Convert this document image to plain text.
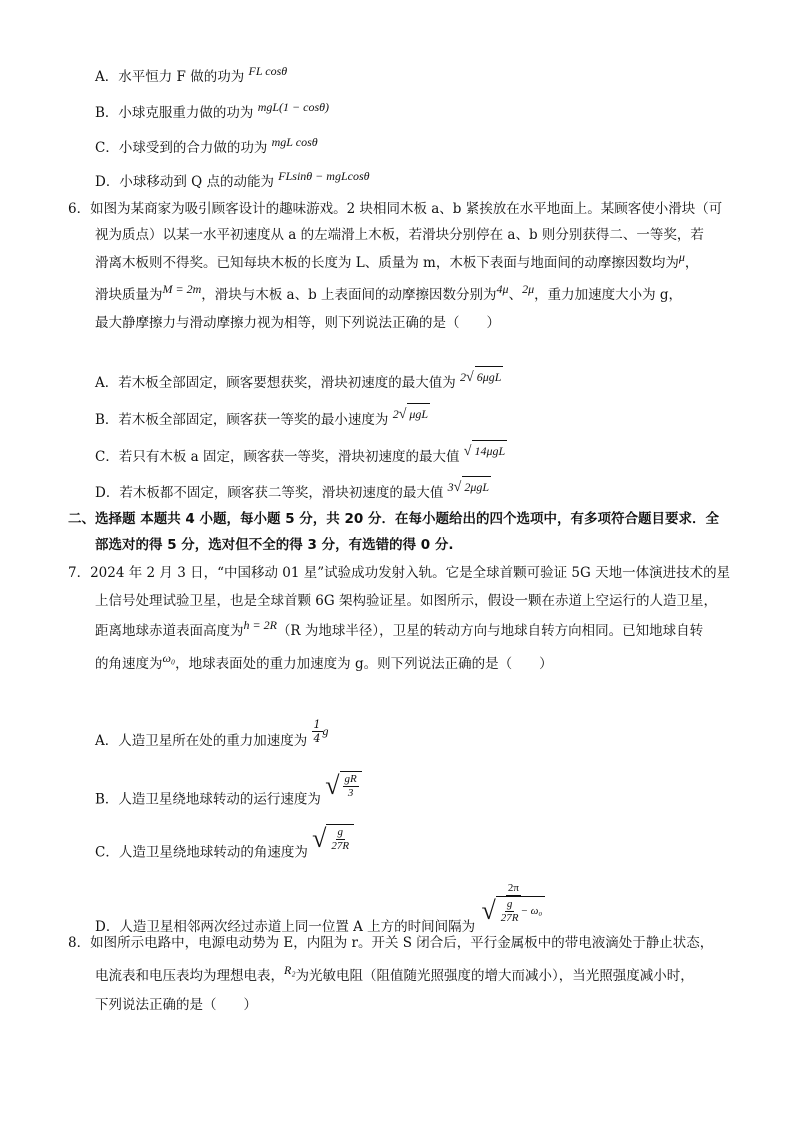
A．水平恒力 F 做的功为 FL cosθ
B．小球克服重力做的功为 mgL(1 − cosθ)
C．小球受到的合力做的功为 mgL cosθ
D．小球移动到 Q 点的动能为 FLsinθ − mgLcosθ
6．如图为某商家为吸引顾客设计的趣味游戏。2 块相同木板 a、b 紧挨放在水平地面上。某顾客使小滑块（可
视为质点）以某一水平初速度从 a 的左端滑上木板，若滑块分别停在 a、b 则分别获得二、一等奖，若
滑离木板则不得奖。已知每块木板的长度为 L、质量为 m，木板下表面与地面间的动摩擦因数均为μ，
滑块质量为M = 2m，滑块与木板 a、b 上表面间的动摩擦因数分别为4μ、2μ，重力加速度大小为 g，
最大静摩擦力与滑动摩擦力视为相等，则下列说法正确的是（　　）
A．若木板全部固定，顾客要想获奖，滑块初速度的最大值为 2√ 6μgL
B．若木板全部固定，顾客获一等奖的最小速度为 2√ μgL
C．若只有木板 a 固定，顾客获一等奖，滑块初速度的最大值 √ 14μgL
D．若木板都不固定，顾客获二等奖，滑块初速度的最大值 3√ 2μgL
二、选择题 本题共 4 小题，每小题 5 分，共 20 分．在每小题给出的四个选项中，有多项符合题目要求．全
部选对的得 5 分，选对但不全的得 3 分，有选错的得 0 分.
7．2024 年 2 月 3 日，“中国移动 01 星”试验成功发射入轨。它是全球首颗可验证 5G 天地一体演进技术的星
上信号处理试验卫星，也是全球首颗 6G 架构验证星。如图所示，假设一颗在赤道上空运行的人造卫星，
距离地球赤道表面高度为h = 2R（R 为地球半径），卫星的转动方向与地球自转方向相同。已知地球自转
的角速度为ω₀，地球表面处的重力加速度为 g。则下列说法正确的是（　　）
A．人造卫星所在处的重力加速度为 $\frac{1}{4}$ g
B．人造卫星绕地球转动的运行速度为 √ $\frac{gR}{3}$
C．人造卫星绕地球转动的角速度为 √ $\frac{g}{27R}$
D．人造卫星相邻两次经过赤道上同一位置 A 上方的时间间隔为
2π
√ $\frac{g}{27R} - \omega_0$
8．如图所示电路中，电源电动势为 E，内阻为 r。开关 S 闭合后，平行金属板中的带电液滴处于静止状态，
电流表和电压表均为理想电表，R₂为光敏电阻（阻值随光照强度的增大而减小），当光照强度减小时，
下列说法正确的是（　　）
